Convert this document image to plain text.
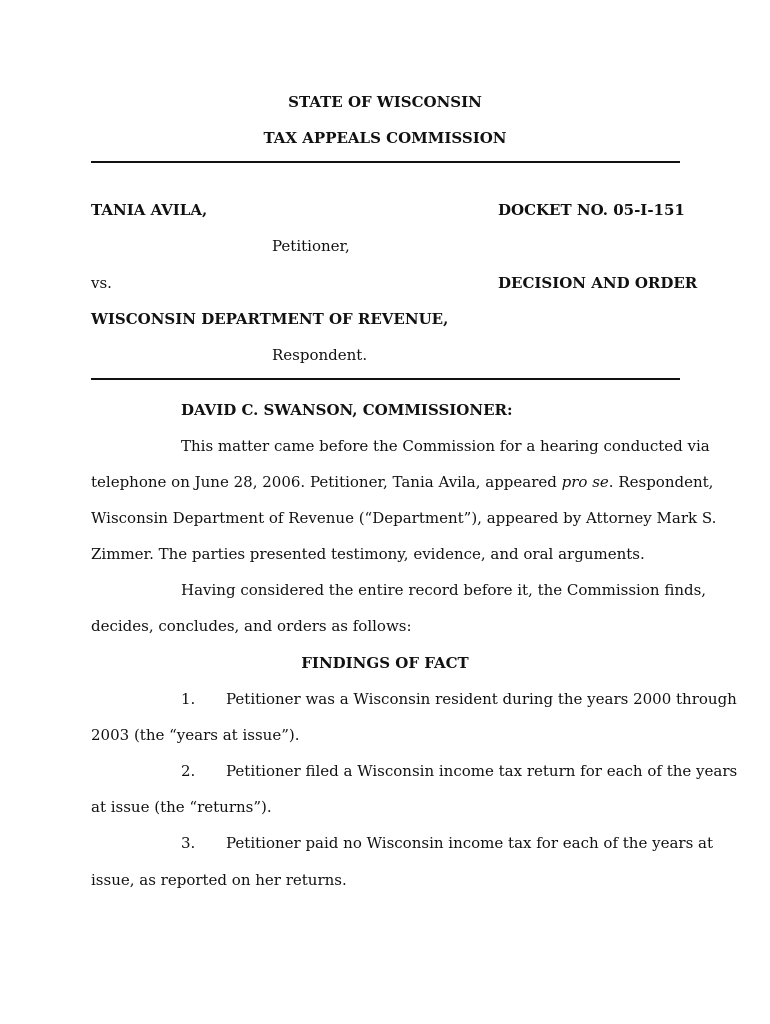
STATE OF WISCONSIN
TAX APPEALS COMMISSION
TANIA AVILA,	DOCKET NO. 05-I-151
Petitioner,
vs.	DECISION AND ORDER
WISCONSIN DEPARTMENT OF REVENUE,
Respondent.
DAVID C. SWANSON, COMMISSIONER:
This matter came before the Commission for a hearing conducted via
telephone on June 28, 2006. Petitioner, Tania Avila, appeared pro se. Respondent,
Wisconsin Department of Revenue (“Department”), appeared by Attorney Mark S.
Zimmer. The parties presented testimony, evidence, and oral arguments.
Having considered the entire record before it, the Commission finds,
decides, concludes, and orders as follows:
FINDINGS OF FACT
1. Petitioner was a Wisconsin resident during the years 2000 through
2003 (the “years at issue”).
2. Petitioner filed a Wisconsin income tax return for each of the years
at issue (the “returns”).
3. Petitioner paid no Wisconsin income tax for each of the years at
issue, as reported on her returns.
